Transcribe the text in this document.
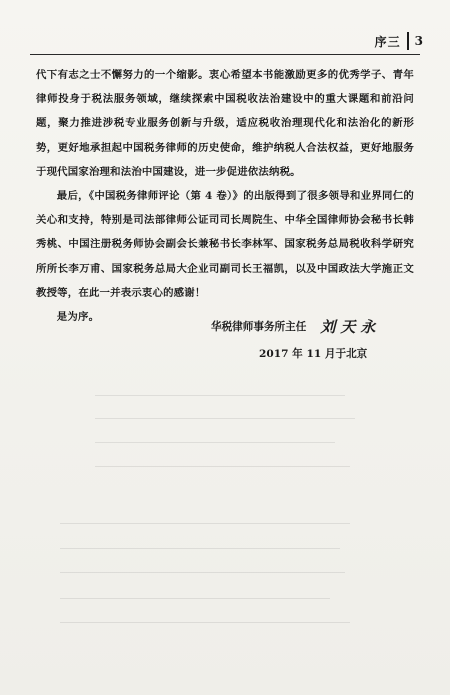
序三	3

代下有志之士不懈努力的一个缩影。衷心希望本书能激励更多的优秀学子、青年律师投身于税法服务领域，继续探索中国税收法治建设中的重大课题和前沿问题，聚力推进涉税专业服务创新与升级，适应税收治理现代化和法治化的新形势，更好地承担起中国税务律师的历史使命，维护纳税人合法权益，更好地服务于现代国家治理和法治中国建设，进一步促进依法纳税。

最后，《中国税务律师评论（第 4 卷）》的出版得到了很多领导和业界同仁的关心和支持，特别是司法部律师公证司司长周院生、中华全国律师协会秘书长韩秀桃、中国注册税务师协会副会长兼秘书长李林军、国家税务总局税收科学研究所所长李万甫、国家税务总局大企业司副司长王福凯，以及中国政法大学施正文教授等，在此一并表示衷心的感谢！

是为序。

华税律师事务所主任 刘天永
2017 年 11 月于北京
